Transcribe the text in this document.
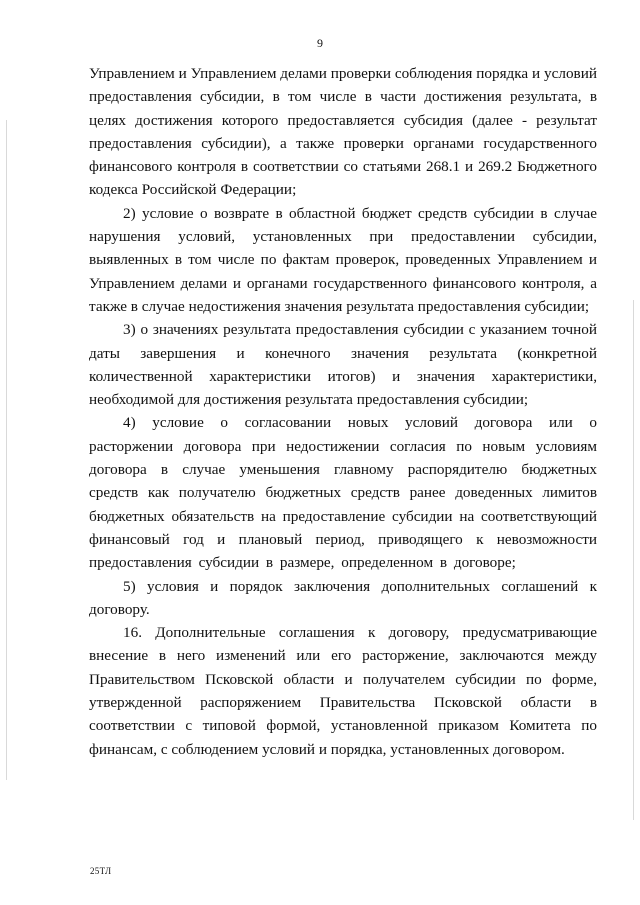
9

Управлением и Управлением делами проверки соблюдения порядка и условий предоставления субсидии, в том числе в части достижения результата, в целях достижения которого предоставляется субсидия (далее - результат предоставления субсидии), а также проверки органами государственного финансового контроля в соответствии со статьями 268.1 и 269.2 Бюджетного кодекса Российской Федерации;

2) условие о возврате в областной бюджет средств субсидии в случае нарушения условий, установленных при предоставлении субсидии, выявленных в том числе по фактам проверок, проведенных Управлением и Управлением делами и органами государственного финансового контроля, а также в случае недостижения значения результата предоставления субсидии;

3) о значениях результата предоставления субсидии с указанием точной даты завершения и конечного значения результата (конкретной количественной характеристики итогов) и значения характеристики, необходимой для достижения результата предоставления субсидии;

4) условие о согласовании новых условий договора или о расторжении договора при недостижении согласия по новым условиям договора в случае уменьшения главному распорядителю бюджетных средств как получателю бюджетных средств ранее доведенных лимитов бюджетных обязательств на предоставление субсидии на соответствующий финансовый год и плановый период, приводящего к невозможности предоставления субсидии в размере, определенном в договоре;

5) условия и порядок заключения дополнительных соглашений к договору.

16. Дополнительные соглашения к договору, предусматривающие внесение в него изменений или его расторжение, заключаются между Правительством Псковской области и получателем субсидии по форме, утвержденной распоряжением Правительства Псковской области в соответствии с типовой формой, установленной приказом Комитета по финансам, с соблюдением условий и порядка, установленных договором.

25ТЛ
